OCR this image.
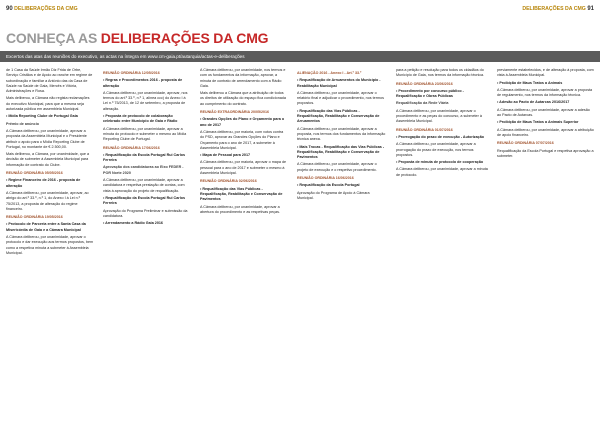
90 DELIBERAÇÕES DA CMG	DELIBERAÇÕES DA CMG 91
CONHEÇA AS DELIBERAÇÕES DA CMG
Excertos das atas das reuniões do executivo, as actas na íntegra em www.cm-gaia.pt/autarquia/actas-e-deliberações

de 1 Casa da Saúde Irmão Diz Frida de Orbe, Serviço Cristãos e de Apoio ao ranche em regime de subordinação e familiar a António das da Casa de Saúde na Saúde de Gaia, Mercês e Vitória, Administrações e Rosa.

Mais deliberou, a Câmara não regista reclamações do executivo Municipal, para que a mesma seja autorizada pública em assembleia Municipal.

• Mídia Reporting Clube de Portugal Gaia

Prêmio de anúncio

A Câmara deliberou, por unanimidade, aprovar a proposta da Assembleia Municipal e o Presidente atribuir o apoio para o Mídia Reporting Clube de Portugal, no montante de € 2.500,00.

Mais deliberou, a Câmara, por unanimidade, que a decisão de submeter à Assembleia Municipal para informação de contrato do Clube.

REUNIÃO ORDINÁRIA 05/05/2016

• Regime Financeiro de 2016 - proposta de alteração

A Câmara deliberou, por unanimidade, aprovar, ao abrigo do art.º 33.º, n.º 1, do Anexo I à Lei n.º 75/2013, a proposta de alteração do regime financeiro.

REUNIÃO ORDINÁRIA 19/05/2016

• Protocolo de Parceria entre a Santa Casa da Misericórdia de Gaia e a Câmara Municipal

A Câmara deliberou, por unanimidade, aprovar o protocolo e dar execução aos termos propostos, bem como a respetiva minuta a submeter à Assembleia Municipal.

REUNIÃO ORDINÁRIA 12/05/2016

• Regras e Procedimentos 2016 - proposta de alteração

A Câmara deliberou, por unanimidade, aprovar, nos termos do art.º 33.º, n.º 1, alínea ccc) do Anexo I à Lei n.º 75/2013, de 12 de setembro, a proposta de alteração.

• Proposta de protocolo de colaboração celebrado entre Município de Gaia e Rádio

A Câmara deliberou, por unanimidade, aprovar a minuta do protocolo e submeter o mesmo ao Mídia Reporting Clube de Portugal.

REUNIÃO ORDINÁRIA 17/06/2016

• Requalificação da Escola Portugal Rui Carlos Ferreira

Aprovação dos candidaturas ao Eixo FEDER - POR Norte 2020

A Câmara deliberou, por unanimidade, aprovar a candidatura e respetiva prestação de contas, com vista à aprovação do projeto de requalificação.

• Requalificação da Escola Portugal Rui Carlos Ferreira

Aprovação do Programa Preliminar e submissão da candidatura.

• Arrendamento a Rádio Gaia 2016

A Câmara deliberou, por unanimidade, nos termos e com os fundamentos da informação, aprovar, a minuta de contrato de arrendamento com a Rádio Gaia.

Mais deliberou a Câmara que a atribuição de todos os direitos de utilização do espaço fica condicionada ao cumprimento do contrato.

REUNIÃO EXTRAORDINÁRIA 20/05/2016

• Grandes Opções do Plano e Orçamento para o ano de 2017

A Câmara deliberou, por maioria, com votos contra do PSD, aprovar as Grandes Opções do Plano e Orçamento para o ano de 2017, a submeter à Assembleia Municipal.

• Mapa de Pessoal para 2017

A Câmara deliberou, por maioria, aprovar o mapa de pessoal para o ano de 2017 e submeter o mesmo à Assembleia Municipal.

REUNIÃO ORDINÁRIA 02/06/2016

• Requalificação das Vias Públicas - Requalificação, Reabilitação e Conservação de Pavimentos

A Câmara deliberou, por unanimidade, aprovar a abertura do procedimento e as respetivas peças.

ALIENAÇÃO 2016 - Anexo I - Art.º 33.º

• Requalificação de Arruamentos do Município - Reabilitação Municipal

A Câmara deliberou, por unanimidade, aprovar o relatório final e adjudicar o procedimento, nos termos propostos.

• Requalificação das Vias Públicas - Requalificação, Reabilitação e Conservação de Arruamentos

A Câmara deliberou, por unanimidade, aprovar a proposta, nos termos dos fundamentos da informação técnica anexa.

• Mais Trocas - Requalificação das Vias Públicas - Requalificação, Reabilitação e Conservação de Pavimentos

A Câmara deliberou, por unanimidade, aprovar o projeto de execução e o respetivo procedimento.

REUNIÃO ORDINÁRIA 16/06/2016

• Requalificação da Escola Portugal

Aprovação do Programa de Apoio à Câmara Municipal.

para a petição e resolução para todos os cidadãos do Município de Gaia, nos termos da informação técnica.

REUNIÃO ORDINÁRIA 23/06/2016

• Procedimento por concurso público - Requalificação e Obras Públicas

Requalificação da Rede Viária

A Câmara deliberou, por unanimidade, aprovar o procedimento e as peças do concurso, a submeter à Assembleia Municipal.

REUNIÃO ORDINÁRIA 01/07/2016

• Prorrogação do prazo de execução - Autorização

A Câmara deliberou, por unanimidade, aprovar a prorrogação do prazo de execução, nos termos propostos.

• Proposta de minuta de protocolo de cooperação

A Câmara deliberou, por unanimidade, aprovar a minuta de protocolo.

previamente estabelecidos, e de alteração à proposta, com vista à Assembleia Municipal.

• Proibição de Maus Tratos a Animais

A Câmara deliberou, por unanimidade, aprovar a proposta de regulamento, nos termos da informação técnica.

• Adesão ao Pacto de Autarcas 2016/2017

A Câmara deliberou, por unanimidade, aprovar a adesão ao Pacto de Autarcas.

• Proibição de Maus Tratos a Animais Superior

A Câmara deliberou, por unanimidade, aprovar a atribuição de apoio financeiro.

REUNIÃO ORDINÁRIA 07/07/2016

Requalificação da Escola Portugal e respetiva aprovação a submeter.
